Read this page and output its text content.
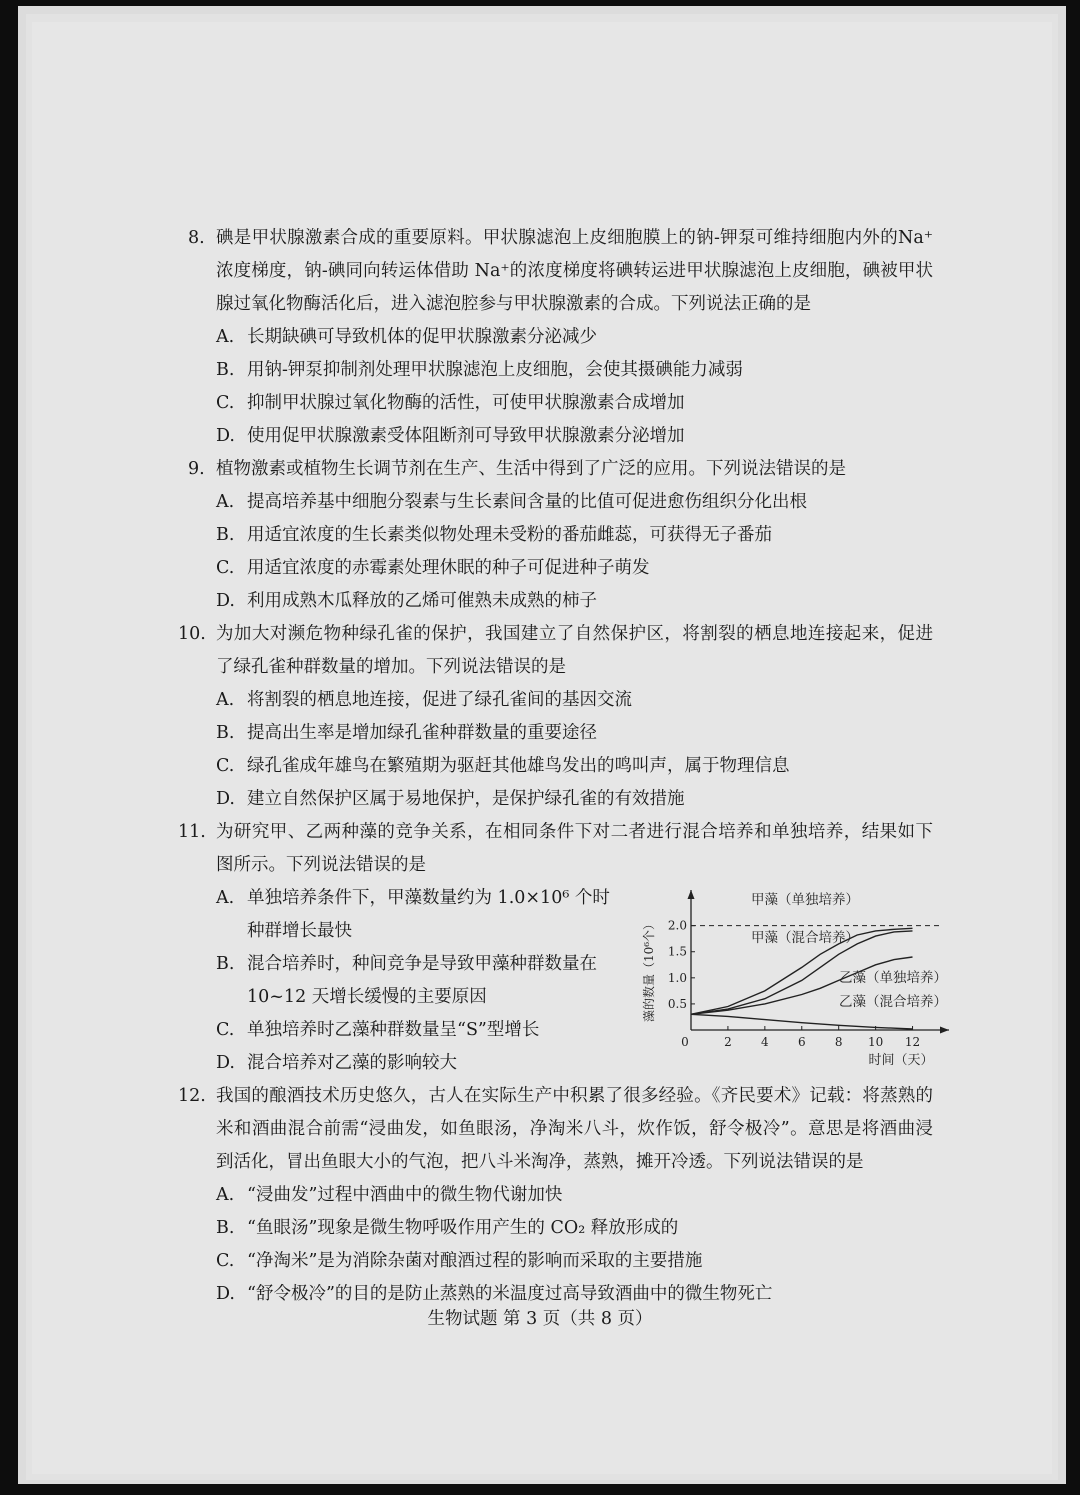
8. 碘是甲状腺激素合成的重要原料。甲状腺滤泡上皮细胞膜上的钠-钾泵可维持细胞内外的Na⁺浓度梯度，钠-碘同向转运体借助 Na⁺的浓度梯度将碘转运进甲状腺滤泡上皮细胞，碘被甲状腺过氧化物酶活化后，进入滤泡腔参与甲状腺激素的合成。下列说法正确的是
A. 长期缺碘可导致机体的促甲状腺激素分泌减少
B. 用钠-钾泵抑制剂处理甲状腺滤泡上皮细胞，会使其摄碘能力减弱
C. 抑制甲状腺过氧化物酶的活性，可使甲状腺激素合成增加
D. 使用促甲状腺激素受体阻断剂可导致甲状腺激素分泌增加
9. 植物激素或植物生长调节剂在生产、生活中得到了广泛的应用。下列说法错误的是
A. 提高培养基中细胞分裂素与生长素间含量的比值可促进愈伤组织分化出根
B. 用适宜浓度的生长素类似物处理未受粉的番茄雌蕊，可获得无子番茄
C. 用适宜浓度的赤霉素处理休眠的种子可促进种子萌发
D. 利用成熟木瓜释放的乙烯可催熟未成熟的柿子
10. 为加大对濒危物种绿孔雀的保护，我国建立了自然保护区，将割裂的栖息地连接起来，促进了绿孔雀种群数量的增加。下列说法错误的是
A. 将割裂的栖息地连接，促进了绿孔雀间的基因交流
B. 提高出生率是增加绿孔雀种群数量的重要途径
C. 绿孔雀成年雄鸟在繁殖期为驱赶其他雄鸟发出的鸣叫声，属于物理信息
D. 建立自然保护区属于易地保护，是保护绿孔雀的有效措施
11. 为研究甲、乙两种藻的竞争关系，在相同条件下对二者进行混合培养和单独培养，结果如下图所示。下列说法错误的是
A. 单独培养条件下，甲藻数量约为 1.0×10⁶ 个时种群增长最快
B. 混合培养时，种间竞争是导致甲藻种群数量在 10~12 天增长缓慢的主要原因
C. 单独培养时乙藻种群数量呈“S”型增长
D. 混合培养对乙藻的影响较大
0	2 4 6 8 10 12
0.5
1.0
1.5
2.0
时间（天）
藻的数量（10⁶个）
甲藻（单独培养）
甲藻（混合培养）
乙藻（单独培养）
乙藻（混合培养）
12. 我国的酿酒技术历史悠久，古人在实际生产中积累了很多经验。《齐民要术》记载：将蒸熟的米和酒曲混合前需“浸曲发，如鱼眼汤，净淘米八斗，炊作饭，舒令极冷”。意思是将酒曲浸到活化，冒出鱼眼大小的气泡，把八斗米淘净，蒸熟，摊开冷透。下列说法错误的是
A. “浸曲发”过程中酒曲中的微生物代谢加快
B. “鱼眼汤”现象是微生物呼吸作用产生的 CO₂ 释放形成的
C. “净淘米”是为消除杂菌对酿酒过程的影响而采取的主要措施
D. “舒令极冷”的目的是防止蒸熟的米温度过高导致酒曲中的微生物死亡
生物试题 第 3 页（共 8 页）
